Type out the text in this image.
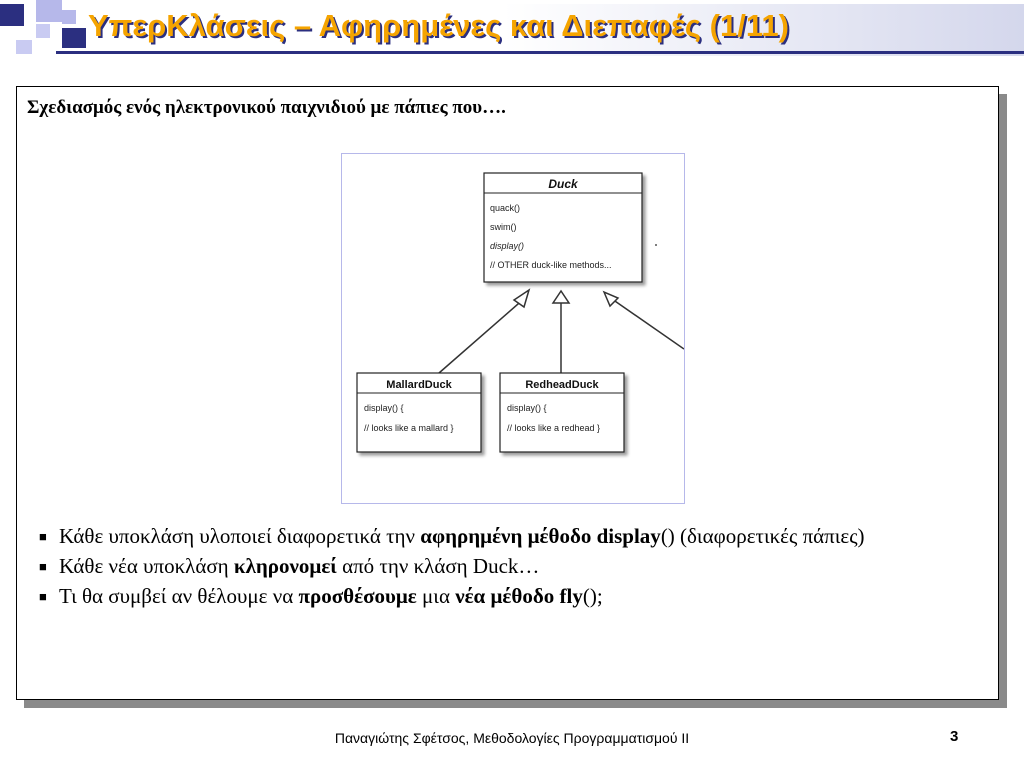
ΥπερΚλάσεις – Αφηρημένες και Διεπαφές (1/11)
Σχεδιασμός ενός ηλεκτρονικού παιχνιδιού με πάπιες που….
Duck
quack()
swim()
display()
// OTHER duck-like methods...
MallardDuck
display() {
// looks like a mallard }
RedheadDuck
display() {
// looks like a redhead }
■ Κάθε υποκλάση υλοποιεί διαφορετικά την αφηρημένη μέθοδο display() (διαφορετικές πάπιες)
■ Κάθε νέα υποκλάση κληρονομεί από την κλάση Duck…
■ Τι θα συμβεί αν θέλουμε να προσθέσουμε μια νέα μέθοδο fly();
Παναγιώτης Σφέτσος, Μεθοδολογίες Προγραμματισμού ΙΙ	3
